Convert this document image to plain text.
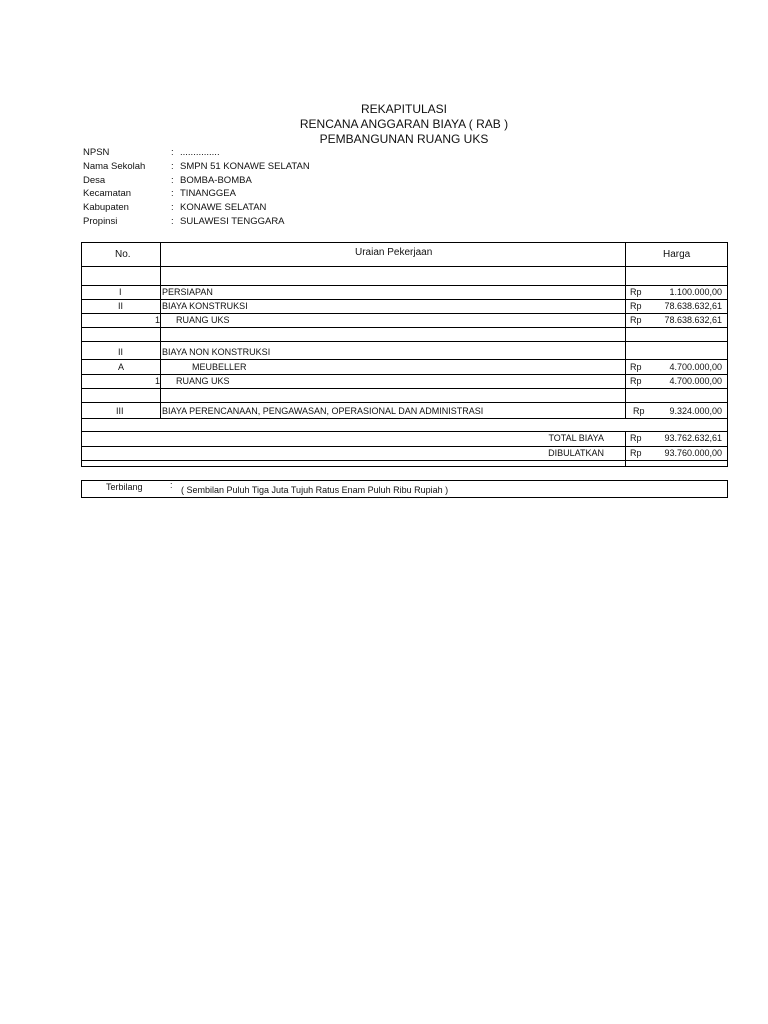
REKAPITULASI
RENCANA ANGGARAN BIAYA ( RAB )
PEMBANGUNAN RUANG UKS
NPSN	: ...............
Nama Sekolah	: SMPN 51 KONAWE SELATAN
Desa	: BOMBA-BOMBA
Kecamatan	: TINANGGEA
Kabupaten	: KONAWE SELATAN
Propinsi	: SULAWESI TENGGARA
No.	Uraian Pekerjaan	Harga
I	PERSIAPAN	Rp	1.100.000,00
II	BIAYA KONSTRUKSI	Rp	78.638.632,61
1 RUANG UKS	Rp	78.638.632,61
II	BIAYA NON KONSTRUKSI
A	MEUBELLER	Rp	4.700.000,00
1 RUANG UKS	Rp	4.700.000,00
III	BIAYA PERENCANAAN, PENGAWASAN, OPERASIONAL DAN ADMINISTRASI	Rp	9.324.000,00
TOTAL BIAYA	Rp	93.762.632,61
DIBULATKAN	Rp	93.760.000,00
Terbilang	: ( Sembilan Puluh Tiga Juta Tujuh Ratus Enam Puluh Ribu Rupiah )
